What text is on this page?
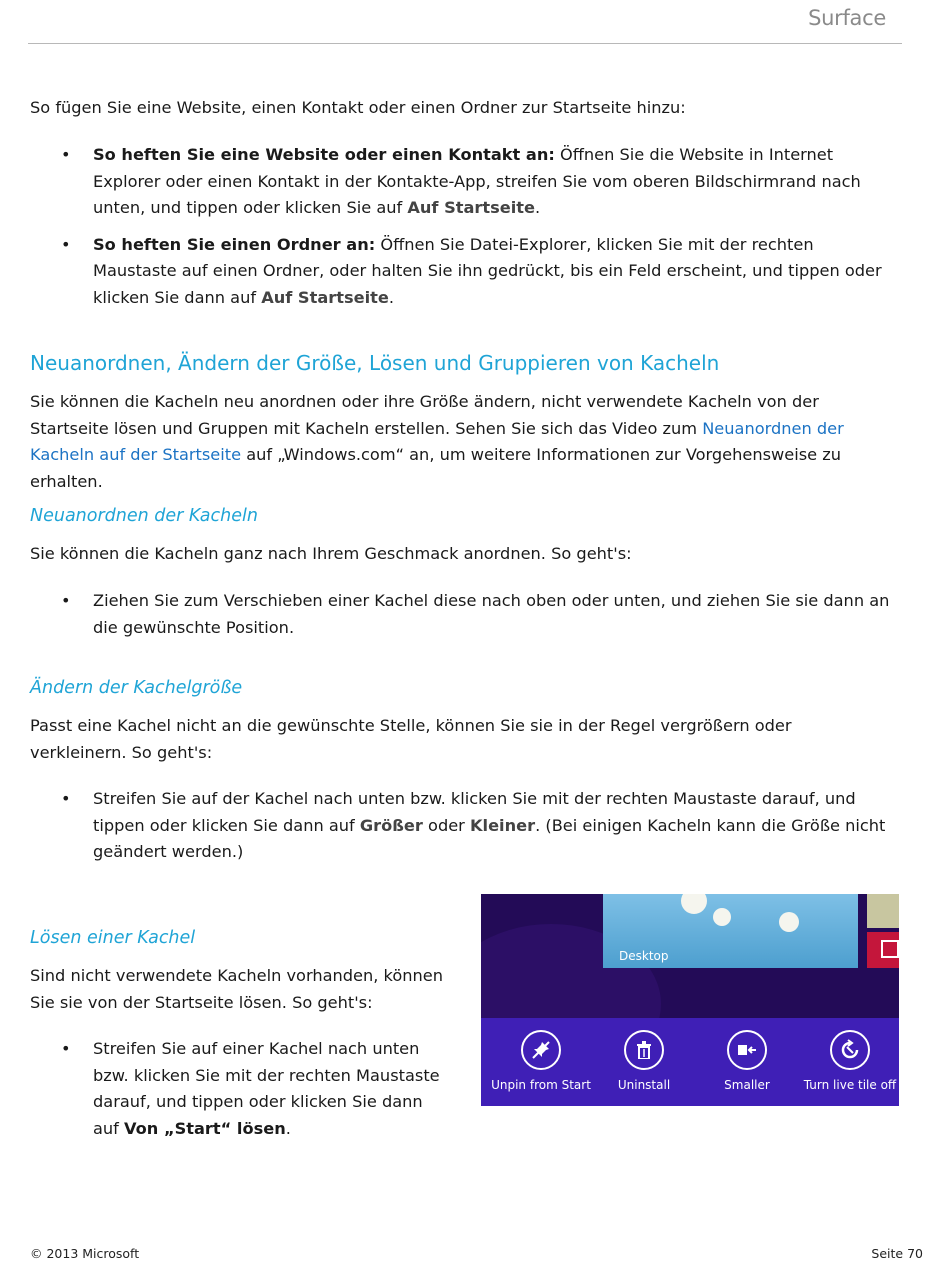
Surface
So fügen Sie eine Website, einen Kontakt oder einen Ordner zur Startseite hinzu:
• So heften Sie eine Website oder einen Kontakt an: Öffnen Sie die Website in Internet Explorer oder einen Kontakt in der Kontakte-App, streifen Sie vom oberen Bildschirmrand nach unten, und tippen oder klicken Sie auf Auf Startseite.
• So heften Sie einen Ordner an: Öffnen Sie Datei-Explorer, klicken Sie mit der rechten Maustaste auf einen Ordner, oder halten Sie ihn gedrückt, bis ein Feld erscheint, und tippen oder klicken Sie dann auf Auf Startseite.
Neuanordnen, Ändern der Größe, Lösen und Gruppieren von Kacheln
Sie können die Kacheln neu anordnen oder ihre Größe ändern, nicht verwendete Kacheln von der Startseite lösen und Gruppen mit Kacheln erstellen. Sehen Sie sich das Video zum Neuanordnen der Kacheln auf der Startseite auf „Windows.com“ an, um weitere Informationen zur Vorgehensweise zu erhalten.
Neuanordnen der Kacheln
Sie können die Kacheln ganz nach Ihrem Geschmack anordnen. So geht's:
• Ziehen Sie zum Verschieben einer Kachel diese nach oben oder unten, und ziehen Sie sie dann an die gewünschte Position.
Ändern der Kachelgröße
Passt eine Kachel nicht an die gewünschte Stelle, können Sie sie in der Regel vergrößern oder verkleinern. So geht's:
• Streifen Sie auf der Kachel nach unten bzw. klicken Sie mit der rechten Maustaste darauf, und tippen oder klicken Sie dann auf Größer oder Kleiner. (Bei einigen Kacheln kann die Größe nicht geändert werden.)
Lösen einer Kachel
Sind nicht verwendete Kacheln vorhanden, können Sie sie von der Startseite lösen. So geht's:
• Streifen Sie auf einer Kachel nach unten bzw. klicken Sie mit der rechten Maustaste darauf, und tippen oder klicken Sie dann auf Von „Start“ lösen.
Desktop
Unpin from Start	Uninstall	Smaller	Turn live tile off
© 2013 Microsoft	Seite 70
